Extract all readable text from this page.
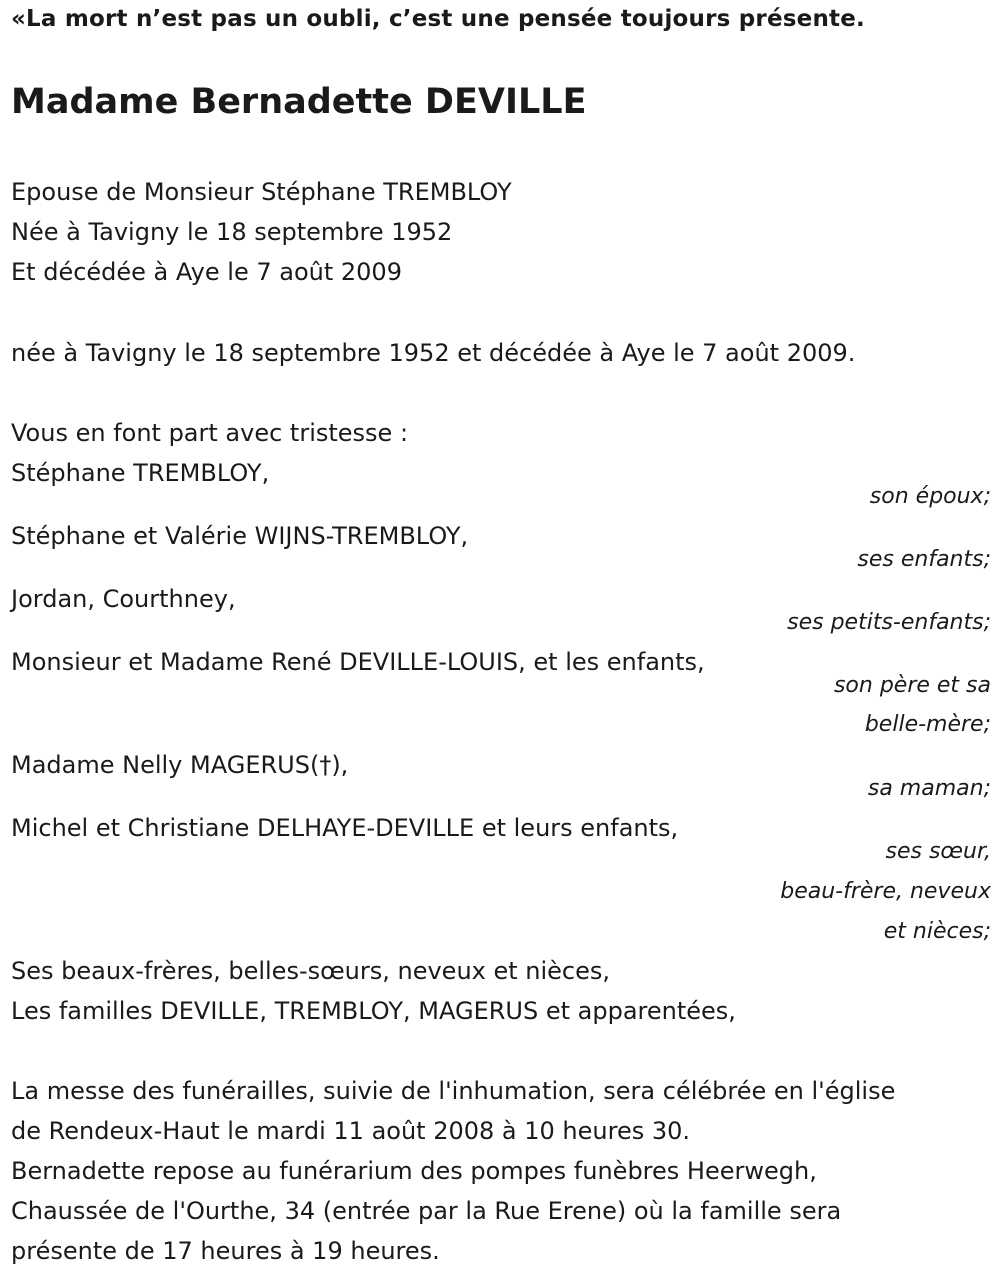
«La mort n’est pas un oubli, c’est une pensée toujours présente.
Madame Bernadette DEVILLE
Epouse de Monsieur Stéphane TREMBLOY
Née à Tavigny le 18 septembre 1952
Et décédée à Aye le 7 août 2009
née à Tavigny le 18 septembre 1952 et décédée à Aye le 7 août 2009.
Vous en font part avec tristesse :
Stéphane TREMBLOY,
son époux;
Stéphane et Valérie WIJNS-TREMBLOY,
ses enfants;
Jordan, Courthney,
ses petits-enfants;
Monsieur et Madame René DEVILLE-LOUIS, et les enfants,
son père et sa
belle-mère;
Madame Nelly MAGERUS(†),
sa maman;
Michel et Christiane DELHAYE-DEVILLE et leurs enfants,
ses sœur,
beau-frère, neveux
et nièces;
Ses beaux-frères, belles-sœurs, neveux et nièces,
Les familles DEVILLE, TREMBLOY, MAGERUS et apparentées,
La messe des funérailles, suivie de l'inhumation, sera célébrée en l'église
de Rendeux-Haut le mardi 11 août 2008 à 10 heures 30.
Bernadette repose au funérarium des pompes funèbres Heerwegh,
Chaussée de l'Ourthe, 34 (entrée par la Rue Erene) où la famille sera
présente de 17 heures à 19 heures.
